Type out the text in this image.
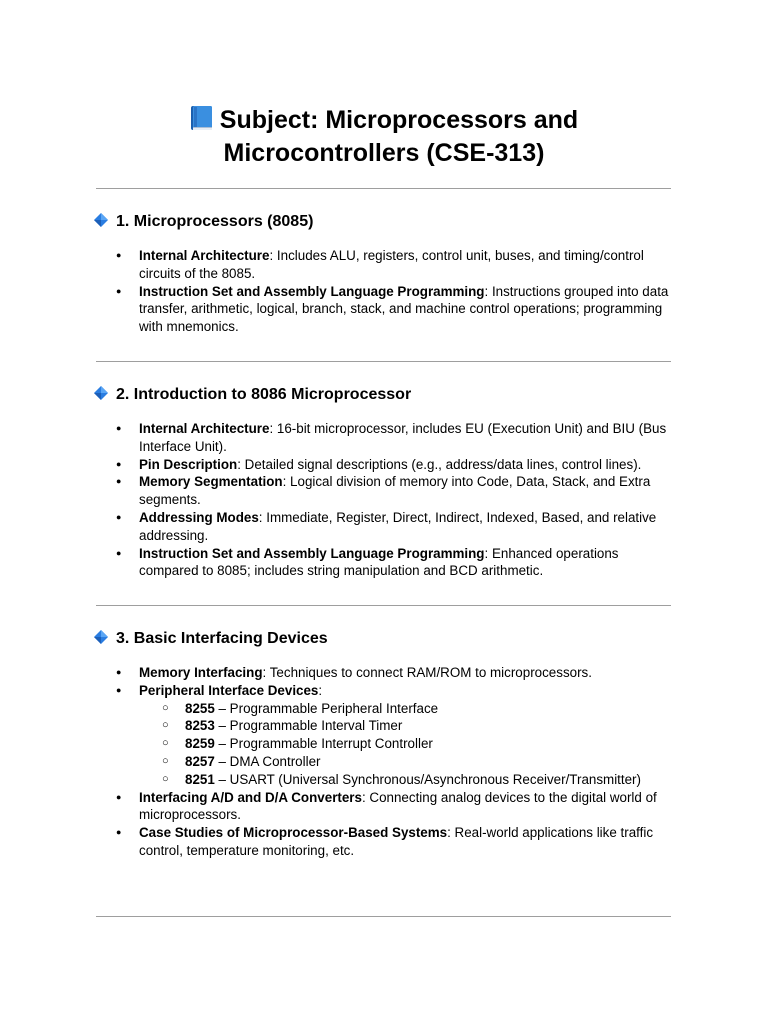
Subject: Microprocessors and
Microcontrollers (CSE-313)
1. Microprocessors (8085)
● Internal Architecture: Includes ALU, registers, control unit, buses, and timing/control circuits of the 8085.
● Instruction Set and Assembly Language Programming: Instructions grouped into data transfer, arithmetic, logical, branch, stack, and machine control operations; programming with mnemonics.
2. Introduction to 8086 Microprocessor
● Internal Architecture: 16-bit microprocessor, includes EU (Execution Unit) and BIU (Bus Interface Unit).
● Pin Description: Detailed signal descriptions (e.g., address/data lines, control lines).
● Memory Segmentation: Logical division of memory into Code, Data, Stack, and Extra segments.
● Addressing Modes: Immediate, Register, Direct, Indirect, Indexed, Based, and relative addressing.
● Instruction Set and Assembly Language Programming: Enhanced operations compared to 8085; includes string manipulation and BCD arithmetic.
3. Basic Interfacing Devices
● Memory Interfacing: Techniques to connect RAM/ROM to microprocessors.
● Peripheral Interface Devices:
○ 8255 – Programmable Peripheral Interface
○ 8253 – Programmable Interval Timer
○ 8259 – Programmable Interrupt Controller
○ 8257 – DMA Controller
○ 8251 – USART (Universal Synchronous/Asynchronous Receiver/Transmitter)
● Interfacing A/D and D/A Converters: Connecting analog devices to the digital world of microprocessors.
● Case Studies of Microprocessor-Based Systems: Real-world applications like traffic control, temperature monitoring, etc.
